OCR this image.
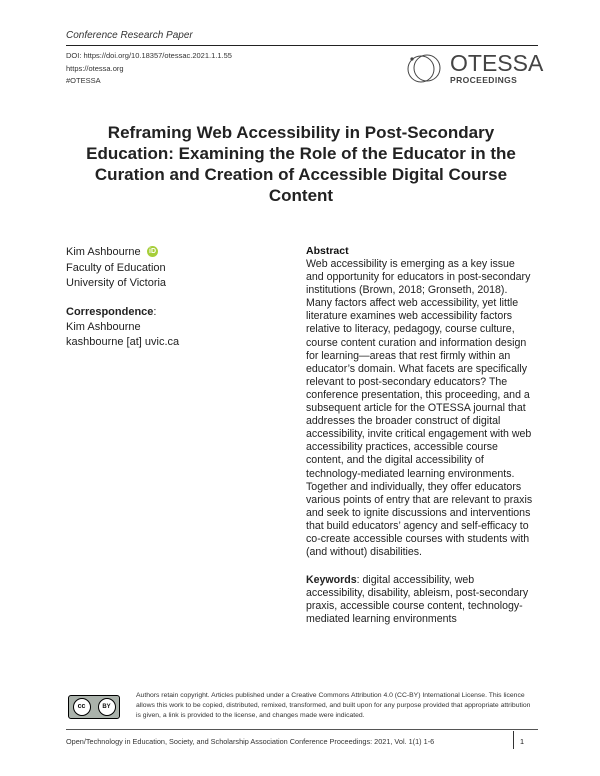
Conference Research Paper
DOI: https://doi.org/10.18357/otessac.2021.1.1.55
https://otessa.org
#OTESSA
OTESSA
PROCEEDINGS
Reframing Web Accessibility in Post-Secondary Education: Examining the Role of the Educator in the Curation and Creation of Accessible Digital Course Content
Kim Ashbourne iD
Faculty of Education
University of Victoria
Correspondence:
Kim Ashbourne
kashbourne [at] uvic.ca
Abstract
Web accessibility is emerging as a key issue and opportunity for educators in post-secondary institutions (Brown, 2018; Gronseth, 2018). Many factors affect web accessibility, yet little literature examines web accessibility factors relative to literacy, pedagogy, course culture, course content curation and information design for learning—areas that rest firmly within an educator’s domain. What facets are specifically relevant to post-secondary educators? The conference presentation, this proceeding, and a subsequent article for the OTESSA journal that addresses the broader construct of digital accessibility, invite critical engagement with web accessibility practices, accessible course content, and the digital accessibility of technology-mediated learning environments. Together and individually, they offer educators various points of entry that are relevant to praxis and seek to ignite discussions and interventions that build educators’ agency and self-efficacy to co-create accessible courses with students with (and without) disabilities.
Keywords: digital accessibility, web accessibility, disability, ableism, post-secondary praxis, accessible course content, technology-mediated learning environments
cc	BY
Authors retain copyright. Articles published under a Creative Commons Attribution 4.0 (CC-BY) International License. This licence allows this work to be copied, distributed, remixed, transformed, and built upon for any purpose provided that appropriate attribution is given, a link is provided to the license, and changes made were indicated.
Open/Technology in Education, Society, and Scholarship Association Conference Proceedings: 2021, Vol. 1(1) 1-6	1
